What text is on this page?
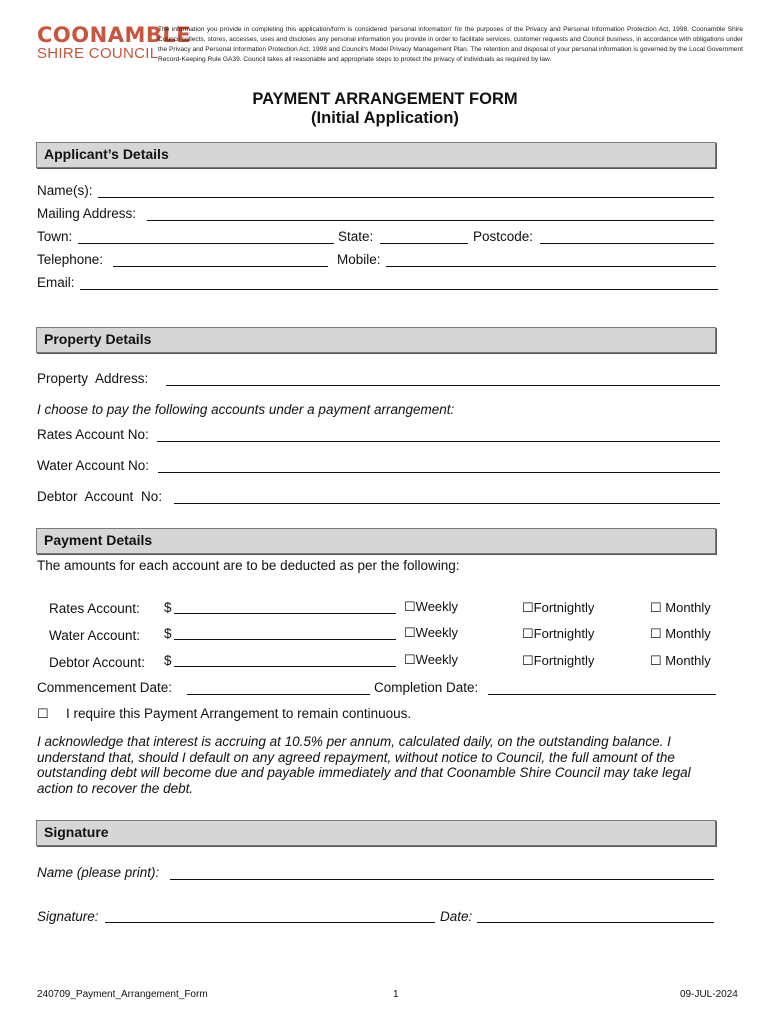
COONAMBLE
SHIRE COUNCIL
The information you provide in completing this application/form is considered 'personal information' for the purposes of the Privacy and Personal Information Protection Act, 1998. Coonamble Shire Council collects, stores, accesses, uses and discloses any personal information you provide in order to facilitate services, customer requests and Council business, in accordance with obligations under the Privacy and Personal Information Protection Act, 1998 and Council's Model Privacy Management Plan. The retention and disposal of your personal information is governed by the Local Government Record-Keeping Rule GA39. Council takes all reasonable and appropriate steps to protect the privacy of individuals as required by law.
PAYMENT ARRANGEMENT FORM
(Initial Application)
Applicant’s Details
Name(s):
Mailing Address:
Town:	State:	Postcode:
Telephone:	Mobile:
Email:
Property Details
Property Address:
I choose to pay the following accounts under a payment arrangement:
Rates Account No:
Water Account No:
Debtor Account No:
Payment Details
The amounts for each account are to be deducted as per the following:
Rates Account: $	☐Weekly	☐Fortnightly	☐ Monthly
Water Account: $	☐Weekly	☐Fortnightly	☐ Monthly
Debtor Account: $	☐Weekly	☐Fortnightly	☐ Monthly
Commencement Date:	Completion Date:
☐ I require this Payment Arrangement to remain continuous.
I acknowledge that interest is accruing at 10.5% per annum, calculated daily, on the outstanding balance. I understand that, should I default on any agreed repayment, without notice to Council, the full amount of the outstanding debt will become due and payable immediately and that Coonamble Shire Council may take legal action to recover the debt.
Signature
Name (please print):
Signature:	Date:
240709_Payment_Arrangement_Form	1	09-JUL-2024
